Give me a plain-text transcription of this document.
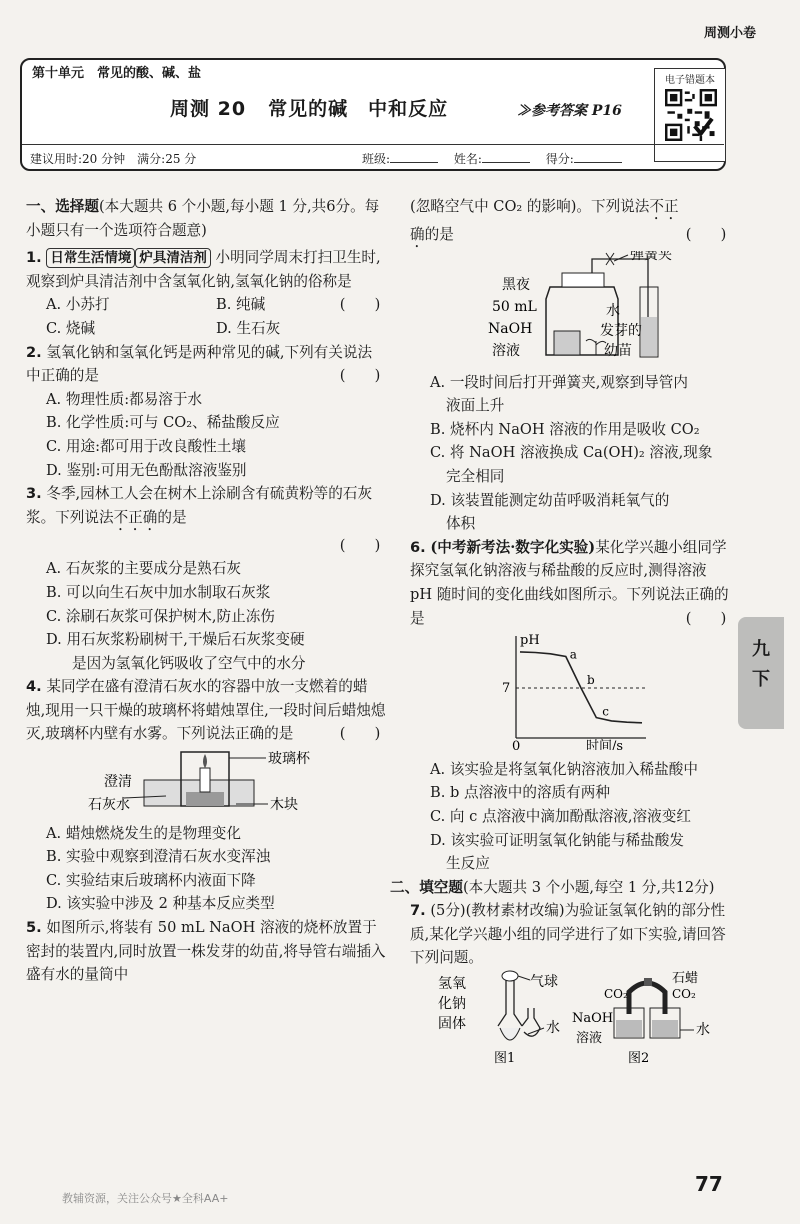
周测小卷
第十单元　常见的酸、碱、盐
周测 20 常见的碱　中和反应	≫参考答案 P16
电子错题本
建议用时:20 分钟　 满分:25 分	班级:	姓名:	得分:

一、选择题(本大题共 6 个小题,每小题 1 分,共6分。每小题只有一个选项符合题意)

1. 日常生活情境 炉具清洁剂 小明同学周末打扫卫生时,观察到炉具清洁剂中含氢氧化钠,氢氧化钠的俗称是
(　　)

A. 小苏打	B. 纯碱

C. 烧碱	D. 生石灰

2. 氢氧化钠和氢氧化钙是两种常见的碱,下列有关说法中正确的是	(　　)

A. 物理性质:都易溶于水

B. 化学性质:可与 CO₂、稀盐酸反应

C. 用途:都可用于改良酸性土壤

D. 鉴别:可用无色酚酞溶液鉴别

3. 冬季,园林工人会在树木上涂刷含有硫黄粉等的石灰浆。下列说法不正确的是

(　　)

A. 石灰浆的主要成分是熟石灰

B. 可以向生石灰中加水制取石灰浆

C. 涂刷石灰浆可保护树木,防止冻伤

D. 用石灰浆粉刷树干,干燥后石灰浆变硬

是因为氢氧化钙吸收了空气中的水分

4. 某同学在盛有澄清石灰水的容器中放一支燃着的蜡烛,现用一只干燥的玻璃杯将蜡烛罩住,一段时间后蜡烛熄灭,玻璃杯内壁有水雾。下列说法正确的是	(　　)

玻璃杯
澄清
石灰水	木块

A. 蜡烛燃烧发生的是物理变化

B. 实验中观察到澄清石灰水变浑浊

C. 实验结束后玻璃杯内液面下降

D. 该实验中涉及 2 种基本反应类型

5. 如图所示,将装有 50 mL NaOH 溶液的烧杯放置于密封的装置内,同时放置一株发芽的幼苗,将导管右端插入盛有水的量筒中

(忽略空气中 CO₂ 的影响)。下列说法不正

确的是	(　　)

弹簧夹
黑夜
50 mL
NaOH
溶液
水
发芽的
幼苗

A. 一段时间后打开弹簧夹,观察到导管内

液面上升

B. 烧杯内 NaOH 溶液的作用是吸收 CO₂

C. 将 NaOH 溶液换成 Ca(OH)₂ 溶液,现象

完全相同

D. 该装置能测定幼苗呼吸消耗氧气的

体积

6. (中考新考法·数字化实验)某化学兴趣小组同学探究氢氧化钠溶液与稀盐酸的反应时,测得溶液 pH 随时间的变化曲线如图所示。下列说法正确的是	(　　)

pH
7
0	时间/s
a
b
c

A. 该实验是将氢氧化钠溶液加入稀盐酸中

B. b 点溶液中的溶质有两种

C. 向 c 点溶液中滴加酚酞溶液,溶液变红

D. 该实验可证明氢氧化钠能与稀盐酸发

生反应

二、填空题(本大题共 3 个小题,每空 1 分,共12分)

7. (5分)(教材素材改编)为验证氢氧化钠的部分性质,某化学兴趣小组的同学进行了如下实验,请回答下列问题。

氢氧
化钠
固体
气球
水
图1
石蜡
CO₂	CO₂
NaOH
溶液
水
图2
九
下
77
教辅资源，关注公众号★全科AA+
